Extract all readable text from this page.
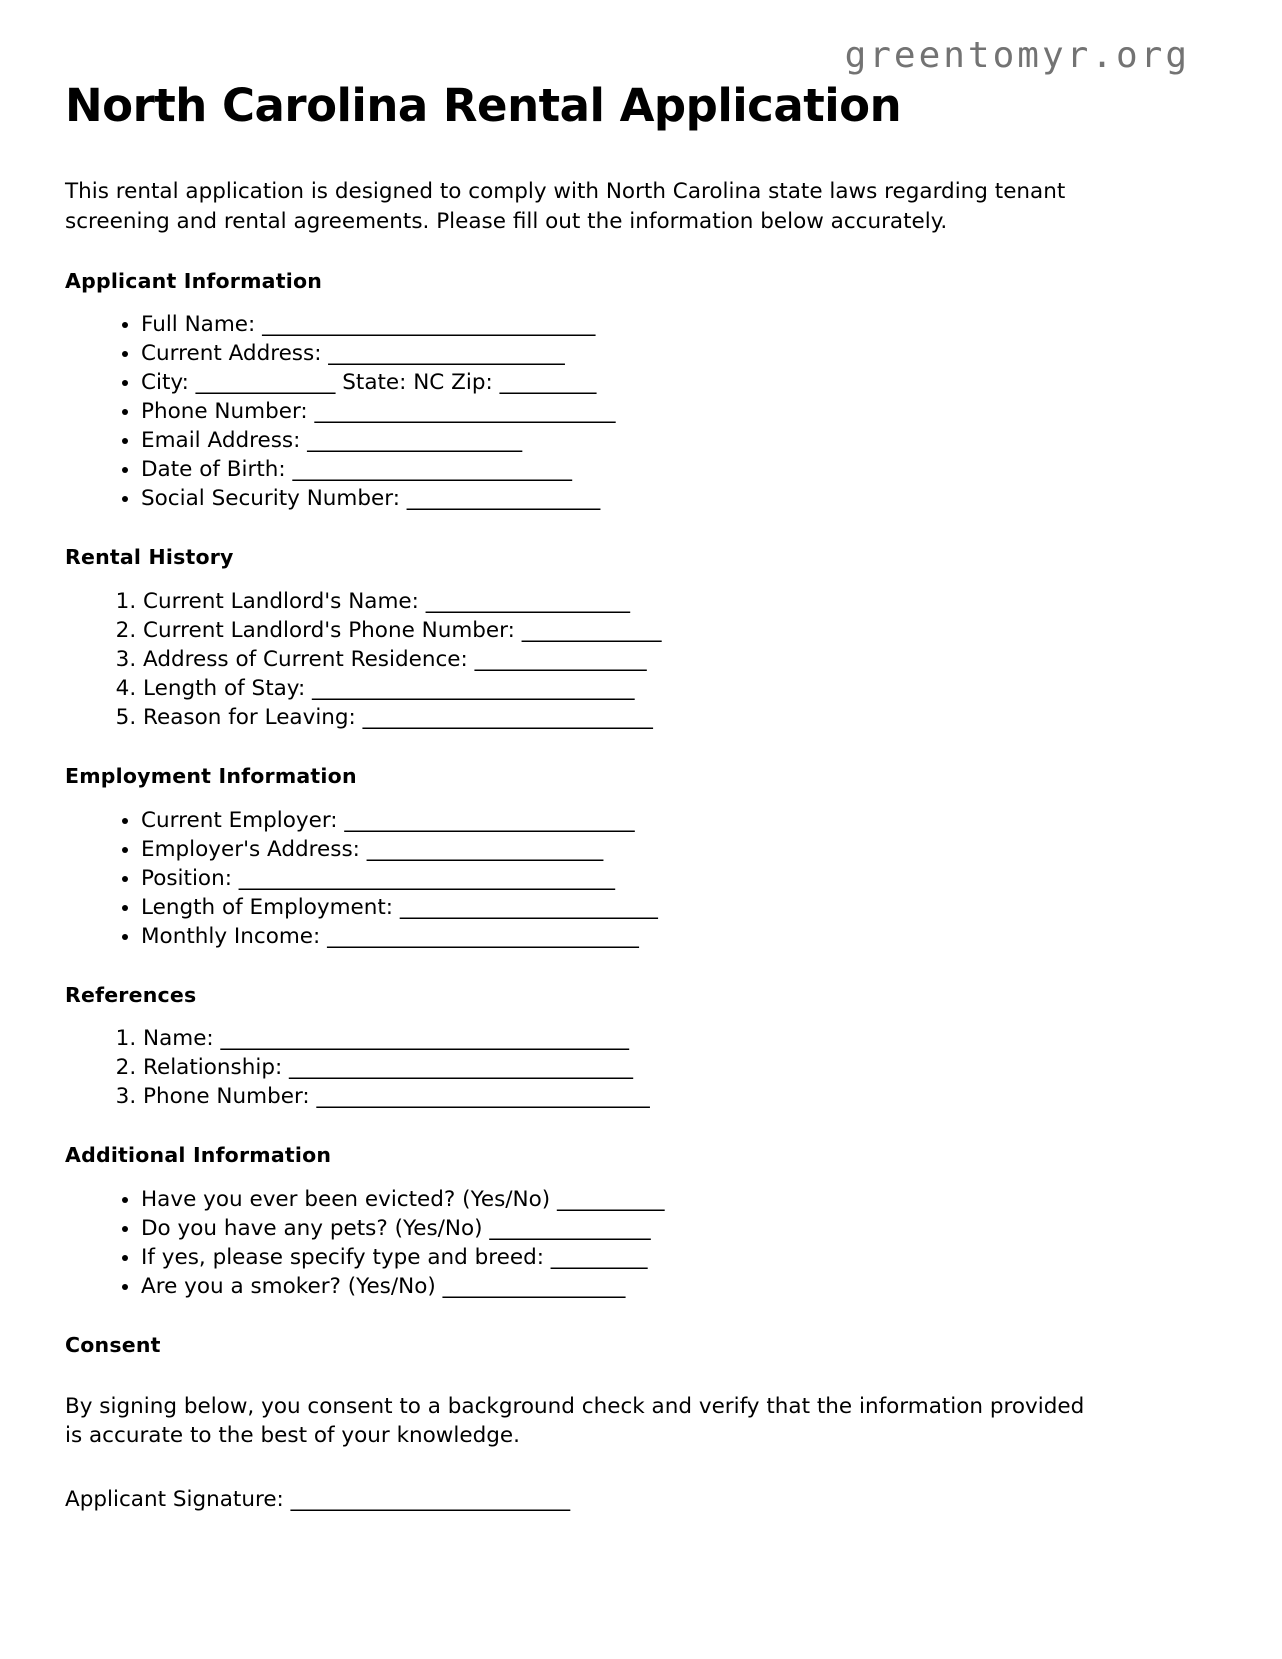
greentomyr.org
North Carolina Rental Application

This rental application is designed to comply with North Carolina state laws regarding tenant screening and rental agreements. Please fill out the information below accurately.

Applicant Information
• Full Name: _______________________________
• Current Address: ______________________
• City: _____________ State: NC Zip: _________
• Phone Number: ____________________________
• Email Address: ____________________
• Date of Birth: __________________________
• Social Security Number: __________________
Rental History
1. Current Landlord's Name: ___________________
2. Current Landlord's Phone Number: _____________
3. Address of Current Residence: ________________
4. Length of Stay: ______________________________
5. Reason for Leaving: ___________________________
Employment Information
• Current Employer: ___________________________
• Employer's Address: ______________________
• Position: ___________________________________
• Length of Employment: ________________________
• Monthly Income: _____________________________
References
1. Name: ______________________________________
2. Relationship: ________________________________
3. Phone Number: _______________________________
Additional Information
• Have you ever been evicted? (Yes/No) __________
• Do you have any pets? (Yes/No) _______________
• If yes, please specify type and breed: _________
• Are you a smoker? (Yes/No) _________________
Consent

By signing below, you consent to a background check and verify that the information provided is accurate to the best of your knowledge.

Applicant Signature: __________________________
